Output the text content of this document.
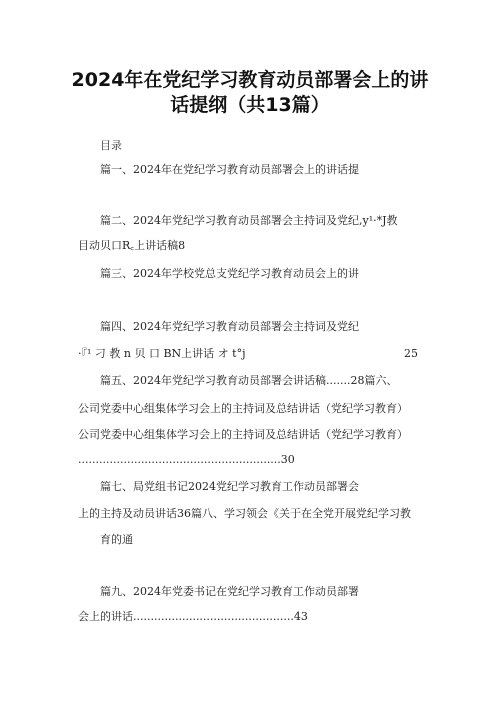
2024年在党纪学习教育动员部署会上的讲
话提纲（共13篇）
目录
篇一、2024年在党纪学习教育动员部署会上的讲话提
篇二、2024年党纪学习教育动员部署会主持词及党纪,y¹·*J教
目动贝口R꜀上讲话稿8
篇三、2024年学校党总支党纪学习教育动员会上的讲
篇四、2024年党纪学习教育动员部署会主持词及党纪
·『¹ 刁 教 n 贝 口 BN上讲话 オ t°j	25
篇五、2024年党纪学习教育动员部署会讲话稿.......28篇六、
公司党委中心组集体学习会上的主持词及总结讲话（党纪学习教育）
公司党委中心组集体学习会上的主持词及总结讲话（党纪学习教育）
..........................................................30
篇七、局党组书记2024党纪学习教育工作动员部署会
上的主持及动员讲话36篇八、学习领会《关于在全党开展党纪学习教
育的通
篇九、2024年党委书记在党纪学习教育工作动员部署
会上的讲话..............................................43
